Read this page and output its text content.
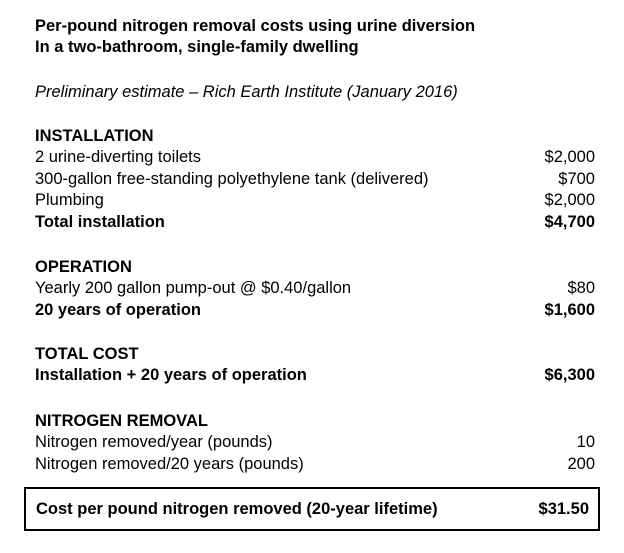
Per-pound nitrogen removal costs using urine diversion
In a two-bathroom, single-family dwelling
Preliminary estimate – Rich Earth Institute (January 2016)
INSTALLATION
2 urine-diverting toilets	$2,000
300-gallon free-standing polyethylene tank (delivered)	$700
Plumbing	$2,000
Total installation	$4,700
OPERATION
Yearly 200 gallon pump-out @ $0.40/gallon	$80
20 years of operation	$1,600
TOTAL COST
Installation + 20 years of operation	$6,300
NITROGEN REMOVAL
Nitrogen removed/year (pounds)	10
Nitrogen removed/20 years (pounds)	200
Cost per pound nitrogen removed (20-year lifetime)	$31.50
